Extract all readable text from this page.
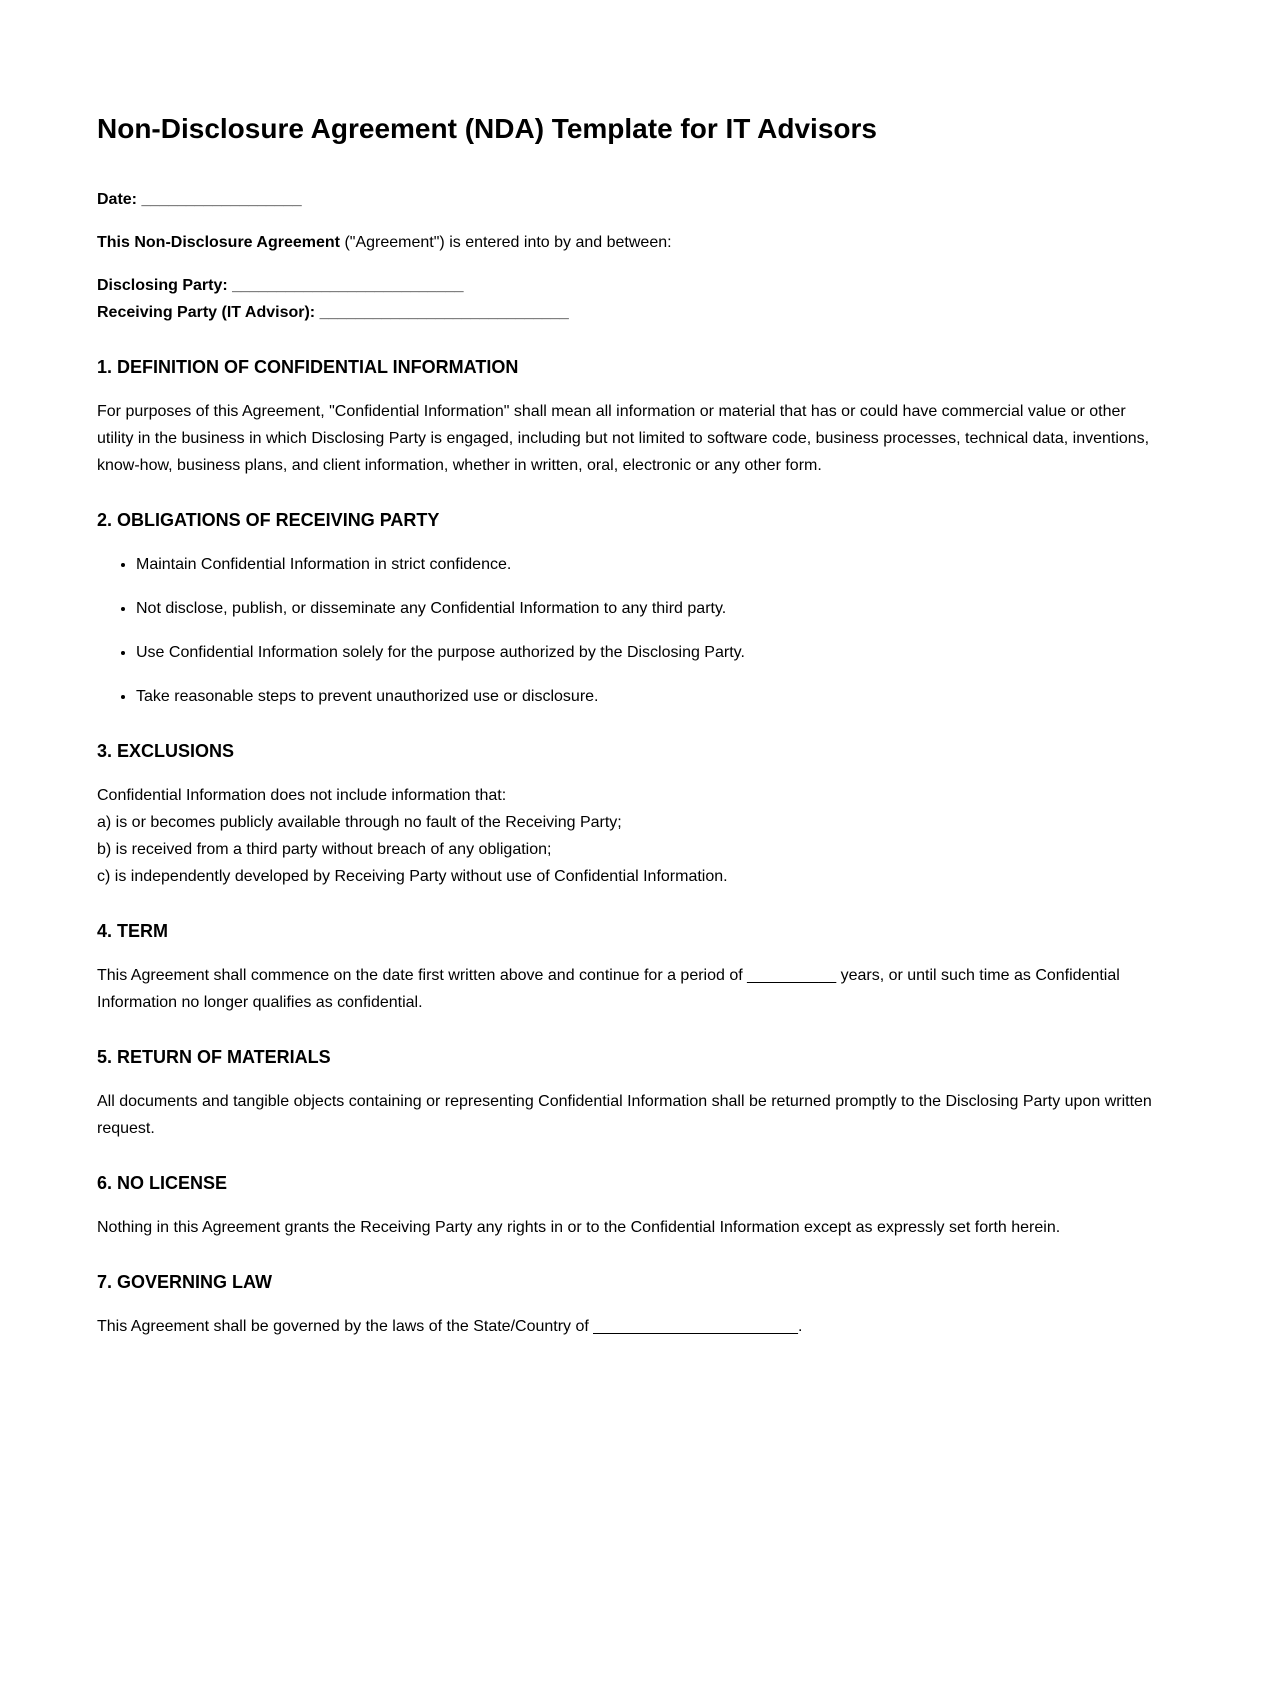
Non-Disclosure Agreement (NDA) Template for IT Advisors

Date: __________________

This Non-Disclosure Agreement ("Agreement") is entered into by and between:

Disclosing Party: __________________________
Receiving Party (IT Advisor): ____________________________

1. DEFINITION OF CONFIDENTIAL INFORMATION

For purposes of this Agreement, "Confidential Information" shall mean all information or material that has or could have commercial value or other utility in the business in which Disclosing Party is engaged, including but not limited to software code, business processes, technical data, inventions, know-how, business plans, and client information, whether in written, oral, electronic or any other form.

2. OBLIGATIONS OF RECEIVING PARTY
• Maintain Confidential Information in strict confidence.
• Not disclose, publish, or disseminate any Confidential Information to any third party.
• Use Confidential Information solely for the purpose authorized by the Disclosing Party.
• Take reasonable steps to prevent unauthorized use or disclosure.
3. EXCLUSIONS

Confidential Information does not include information that:
a) is or becomes publicly available through no fault of the Receiving Party;
b) is received from a third party without breach of any obligation;
c) is independently developed by Receiving Party without use of Confidential Information.

4. TERM

This Agreement shall commence on the date first written above and continue for a period of __________ years, or until such time as Confidential Information no longer qualifies as confidential.

5. RETURN OF MATERIALS

All documents and tangible objects containing or representing Confidential Information shall be returned promptly to the Disclosing Party upon written request.

6. NO LICENSE

Nothing in this Agreement grants the Receiving Party any rights in or to the Confidential Information except as expressly set forth herein.

7. GOVERNING LAW

This Agreement shall be governed by the laws of the State/Country of _______________________.
